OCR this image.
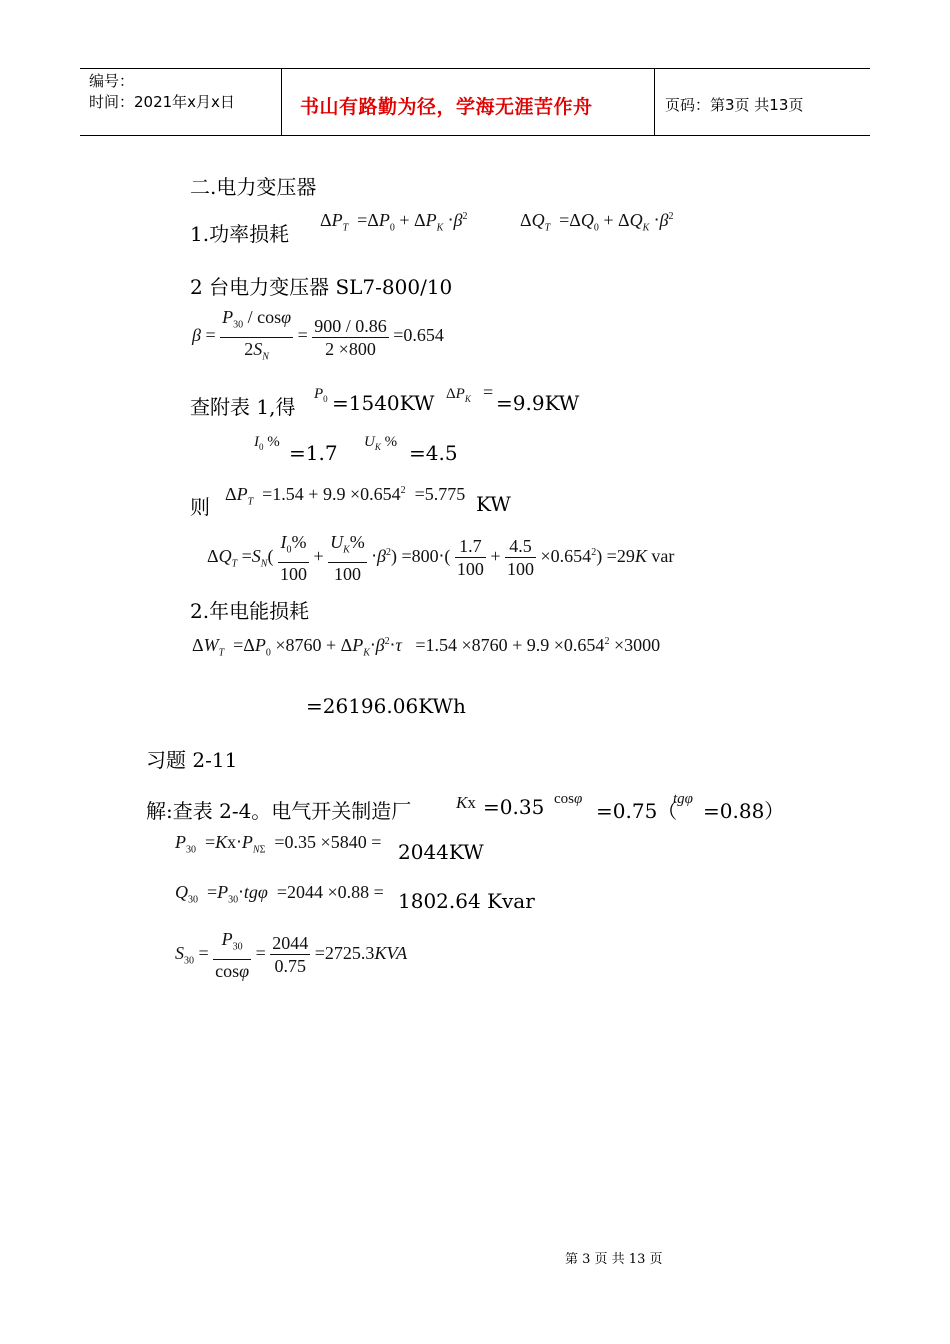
编号：
时间：2021年x月x日	书山有路勤为径，学海无涯苦作舟	页码：第3页 共13页
二.电力变压器
1.功率损耗
$\Delta P_T =\Delta P_0 + \Delta P_K \cdot\beta^2$	$\Delta Q_T =\Delta Q_0 + \Delta Q_K \cdot\beta^2$
2 台电力变压器 SL7-800/10
$\beta = \frac{P_{30} / \cos\varphi}{2S_N} = \frac{900 / 0.86}{2 \times 800} =0.654$
查附表 1,得
$P_0 =1540KW$ $\Delta P_K = =9.9KW$
$I_0$ % =1.7 $U_K$ % =4.5
则
$\Delta P_T =1.54 + 9.9 \times 0.654^2 =5.775$ KW
$\Delta Q_T =S_N( \frac{I_0\%}{100} + \frac{U_K\%}{100} \cdot\beta^2) =800\cdot( \frac{1.7}{100} + \frac{4.5}{100} \times 0.654^2) =29K$ var
2.年电能损耗
$\Delta W_T =\Delta P_0 \times 8760 + \Delta P_K\cdot\beta^2\cdot\tau =1.54 \times 8760 + 9.9 \times 0.654^2 \times 3000$
=26196.06KWh
习题 2-11
解:查表 2-4。电气开关制造厂	Kx =0.35 cosφ =0.75（
tgφ =0.88）
$P_{30} =Kx\cdot P_{N\Sigma} =0.35 \times 5840 = 2044KW$
$Q_{30} =P_{30}\cdot tg\varphi =2044 \times 0.88 = 1802.64$ Kvar
$S_{30} = \frac{P_{30}}{\cos\varphi} = \frac{2044}{0.75} =2725.3KVA$
第 3 页 共 13 页
